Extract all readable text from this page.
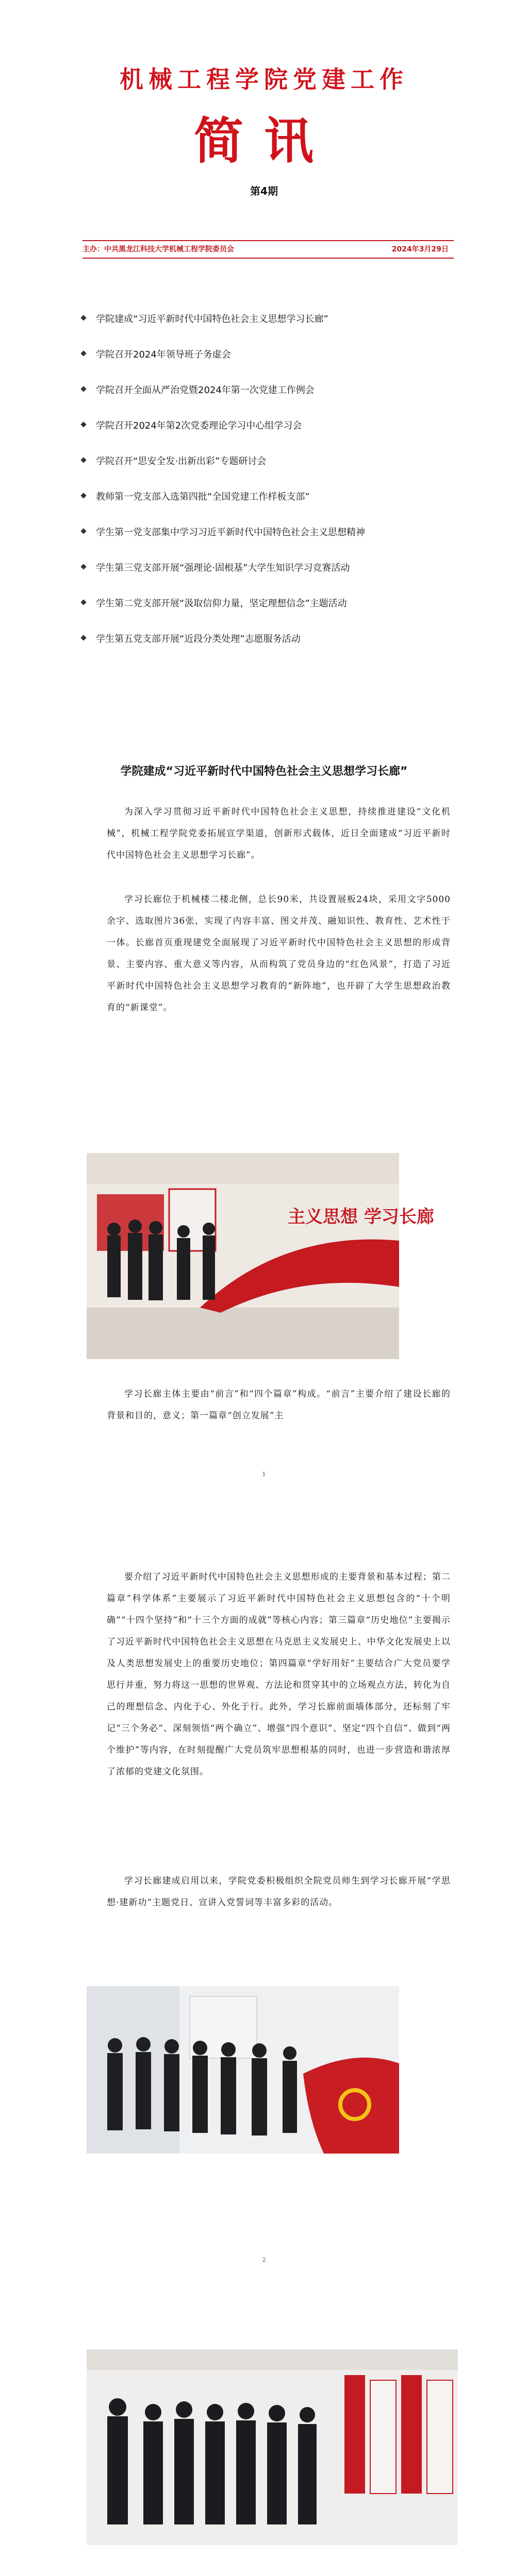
机械工程学院党建工作
简讯
第4期
主办：中共黑龙江科技大学机械工程学院委员会	2024年3月29日
学院建成“习近平新时代中国特色社会主义思想学习长廊”
学院召开2024年领导班子务虚会
学院召开全面从严治党暨2024年第一次党建工作例会
学院召开2024年第2次党委理论学习中心组学习会
学院召开“思安全发·出新出彩”专题研讨会
教师第一党支部入选第四批“全国党建工作样板支部”
学生第一党支部集中学习习近平新时代中国特色社会主义思想精神
学生第三党支部开展“强理论·固根基”大学生知识学习竞赛活动
学生第二党支部开展“汲取信仰力量，坚定理想信念”主题活动
学生第五党支部开展“近段分类处理”志愿服务活动
学院建成“习近平新时代中国特色社会主义思想学习长廊”

为深入学习贯彻习近平新时代中国特色社会主义思想，持续推进建设“文化机械”，机械工程学院党委拓展宣学渠道，创新形式载体，近日全面建成“习近平新时代中国特色社会主义思想学习长廊”。

学习长廊位于机械楼二楼北侧，总长90米，共设置展板24块，采用文字5000余字、选取图片36张，实现了内容丰富、图文并茂、融知识性、教育性、艺术性于一体。长廊首页重现建党全面展现了习近平新时代中国特色社会主义思想的形成背景、主要内容、重大意义等内容，从而构筑了党员身边的“红色风景”，打造了习近平新时代中国特色社会主义思想学习教育的“新阵地”，也开辟了大学生思想政治教育的“新课堂”。

主义思想 学习长廊

学习长廊主体主要由“前言”和“四个篇章”构成。“前言”主要介绍了建设长廊的背景和目的，意义；第一篇章“创立发展”主

1

要介绍了习近平新时代中国特色社会主义思想形成的主要背景和基本过程；第二篇章“科学体系”主要展示了习近平新时代中国特色社会主义思想包含的“十个明确”“十四个坚持”和“十三个方面的成就”等核心内容；第三篇章“历史地位”主要揭示了习近平新时代中国特色社会主义思想在马克思主义发展史上、中华文化发展史上以及人类思想发展史上的重要历史地位；第四篇章“学好用好”主要结合广大党员要学思行并重，努力将这一思想的世界观、方法论和贯穿其中的立场观点方法，转化为自己的理想信念、内化于心、外化于行。此外，学习长廊前面墙体部分，还标刻了牢记“三个务必”、深刻领悟“两个确立”、增强“四个意识”、坚定“四个自信”、做到“两个维护”等内容，在时刻提醒广大党员筑牢思想根基的同时，也进一步营造和谐浓厚了浓郁的党建文化氛围。

学习长廊建成启用以来，学院党委积极组织全院党员师生到学习长廊开展“学思想·建新功”主题党日、宣讲入党誓词等丰富多彩的活动。

2
